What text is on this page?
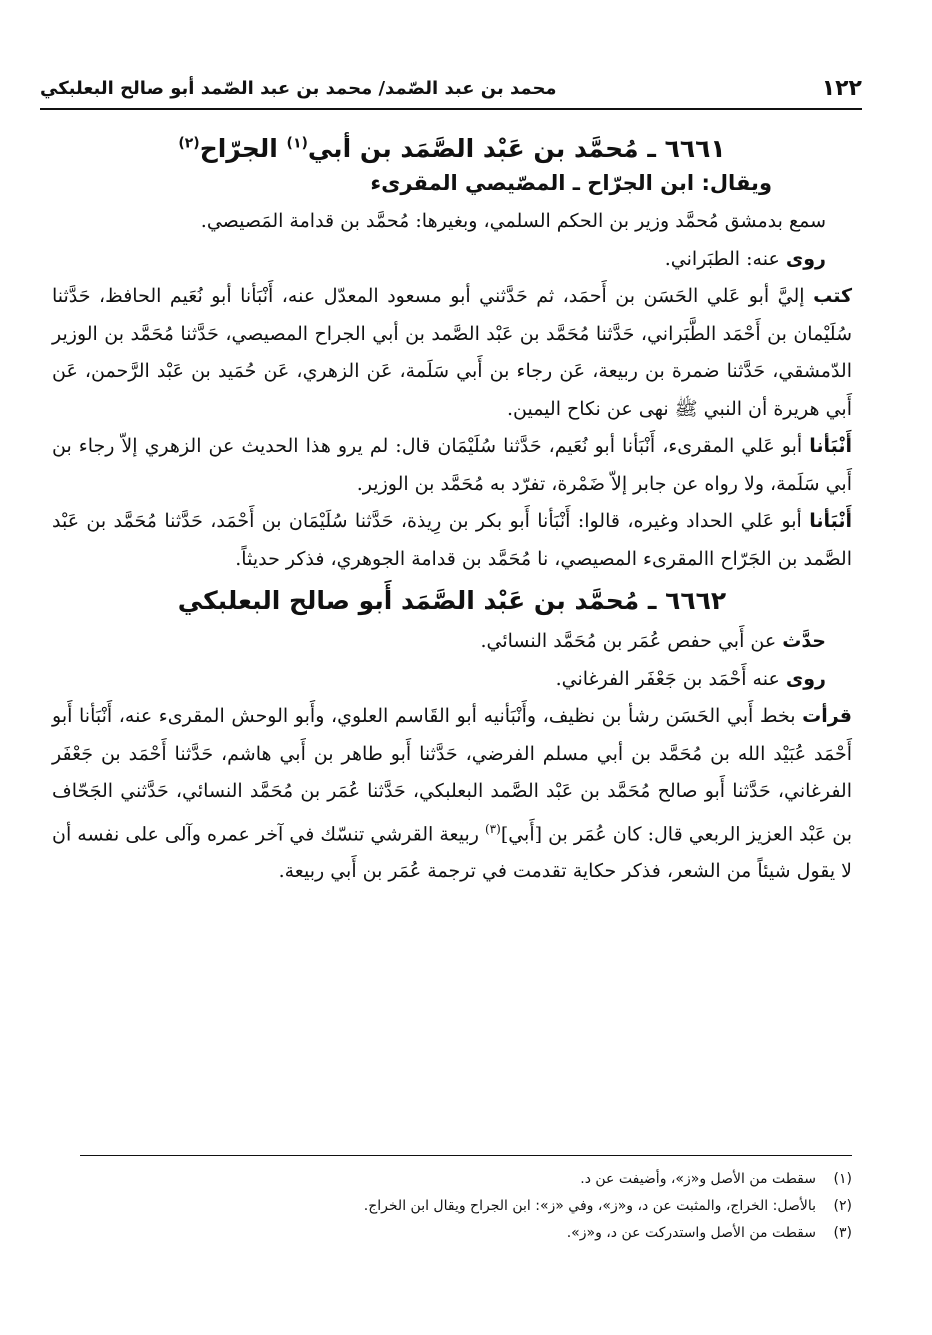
١٢٢
محمد بن عبد الصّمد/ محمد بن عبد الصّمد أبو صالح البعلبكي
٦٦٦١ ـ مُحمَّد بن عَبْد الصَّمَد بن أبي$^{(١)}$ الجرّاح$^{(٢)}$
ويقال: ابن الجرّاح ـ المصّيصي المقرىء

سمع بدمشق مُحمَّد وزير بن الحكم السلمي، وبغيرها: مُحمَّد بن قدامة المَصيصي.

روى عنه: الطبَراني.

كتب إليَّ أبو عَلي الحَسَن بن أَحمَد، ثم حَدَّثني أبو مسعود المعدّل عنه، أَنْبَأنا أبو نُعَيم الحافظ، حَدَّثنا سُلَيْمان بن أَحْمَد الطَّبَراني، حَدَّثنا مُحَمَّد بن عَبْد الصَّمد بن أبي الجراح المصيصي، حَدَّثنا مُحَمَّد بن الوزير الدّمشقي، حَدَّثنا ضمرة بن ربيعة، عَن رجاء بن أَبي سَلَمة، عَن الزهري، عَن حُمَيد بن عَبْد الرَّحمن، عَن أَبي هريرة أن النبي ﷺ نهى عن نكاح اليمين.

أَنْبَأنا أبو عَلي المقرىء، أَنْبَأنا أبو نُعَيم، حَدَّثنا سُلَيْمَان قال: لم يرو هذا الحديث عن الزهري إلاّ رجاء بن أَبي سَلَمة، ولا رواه عن جابر إلاّ ضَمْرة، تفرّد به مُحَمَّد بن الوزير.

أَنْبَأنا أبو عَلي الحداد وغيره، قالوا: أَنْبَأنا أَبو بكر بن رِيذة، حَدَّثنا سُلَيْمَان بن أَحْمَد، حَدَّثنا مُحَمَّد بن عَبْد الصَّمد بن الجَرّاح االمقرىء المصيصي، نا مُحَمَّد بن قدامة الجوهري، فذكر حديثاً.

٦٦٦٢ ـ مُحمَّد بن عَبْد الصَّمَد أَبو صالح البعلبكي

حدَّث عن أَبي حفص عُمَر بن مُحَمَّد النسائي.

روى عنه أَحْمَد بن جَعْفَر الفرغاني.

قرأت بخط أَبي الحَسَن رشأ بن نظيف، وأَنْبَأنيه أبو القَاسم العلوي، وأَبو الوحش المقرىء عنه، أَنْبَأنا أَبو أَحْمَد عُبَيْد الله بن مُحَمَّد بن أبي مسلم الفرضي، حَدَّثنا أَبو طاهر بن أَبي هاشم، حَدَّثنا أَحْمَد بن جَعْفَر الفرغاني، حَدَّثنا أَبو صالح مُحَمَّد بن عَبْد الصَّمد البعلبكي، حَدَّثنا عُمَر بن مُحَمَّد النسائي، حَدَّثني الجَحّاف بن عَبْد العزيز الربعي قال: كان عُمَر بن [أَبي]$^{(٣)}$ ربيعة القرشي تنسّك في آخر عمره وآلى على نفسه أن لا يقول شيئاً من الشعر، فذكر حكاية تقدمت في ترجمة عُمَر بن أَبي ربيعة.

(١)
سقطت من الأصل و«ز»، وأضيفت عن د.
(٢)
بالأصل: الخراج، والمثبت عن د، و«ز»، وفي «ز»: ابن الجراح ويقال ابن الخراج.
(٣)
سقطت من الأصل واستدركت عن د، و«ز».
